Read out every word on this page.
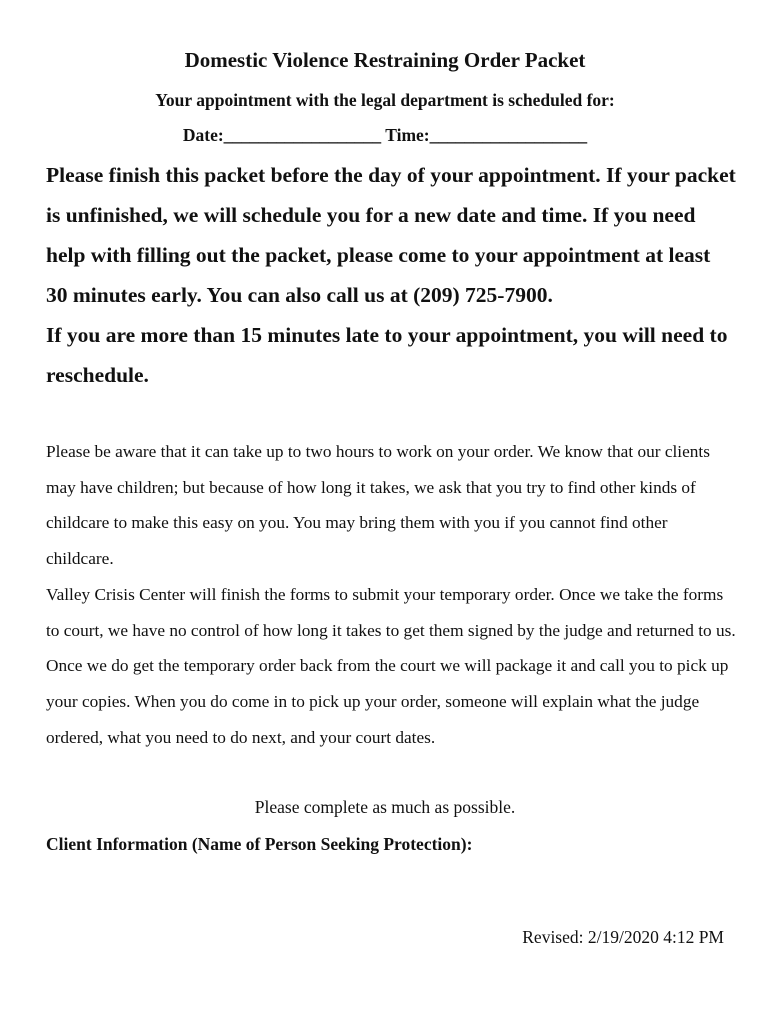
Domestic Violence Restraining Order Packet
Your appointment with the legal department is scheduled for:
Date:__________________ Time:__________________

Please finish this packet before the day of your appointment. If your packet is unfinished, we will schedule you for a new date and time. If you need help with filling out the packet, please come to your appointment at least 30 minutes early. You can also call us at (209) 725-7900.

If you are more than 15 minutes late to your appointment, you will need to reschedule.

Please be aware that it can take up to two hours to work on your order. We know that our clients may have children; but because of how long it takes, we ask that you try to find other kinds of childcare to make this easy on you. You may bring them with you if you cannot find other childcare.

Valley Crisis Center will finish the forms to submit your temporary order. Once we take the forms to court, we have no control of how long it takes to get them signed by the judge and returned to us.

Once we do get the temporary order back from the court we will package it and call you to pick up your copies. When you do come in to pick up your order, someone will explain what the judge ordered, what you need to do next, and your court dates.

Please complete as much as possible.
Client Information (Name of Person Seeking Protection):
Revised: 2/19/2020 4:12 PM
